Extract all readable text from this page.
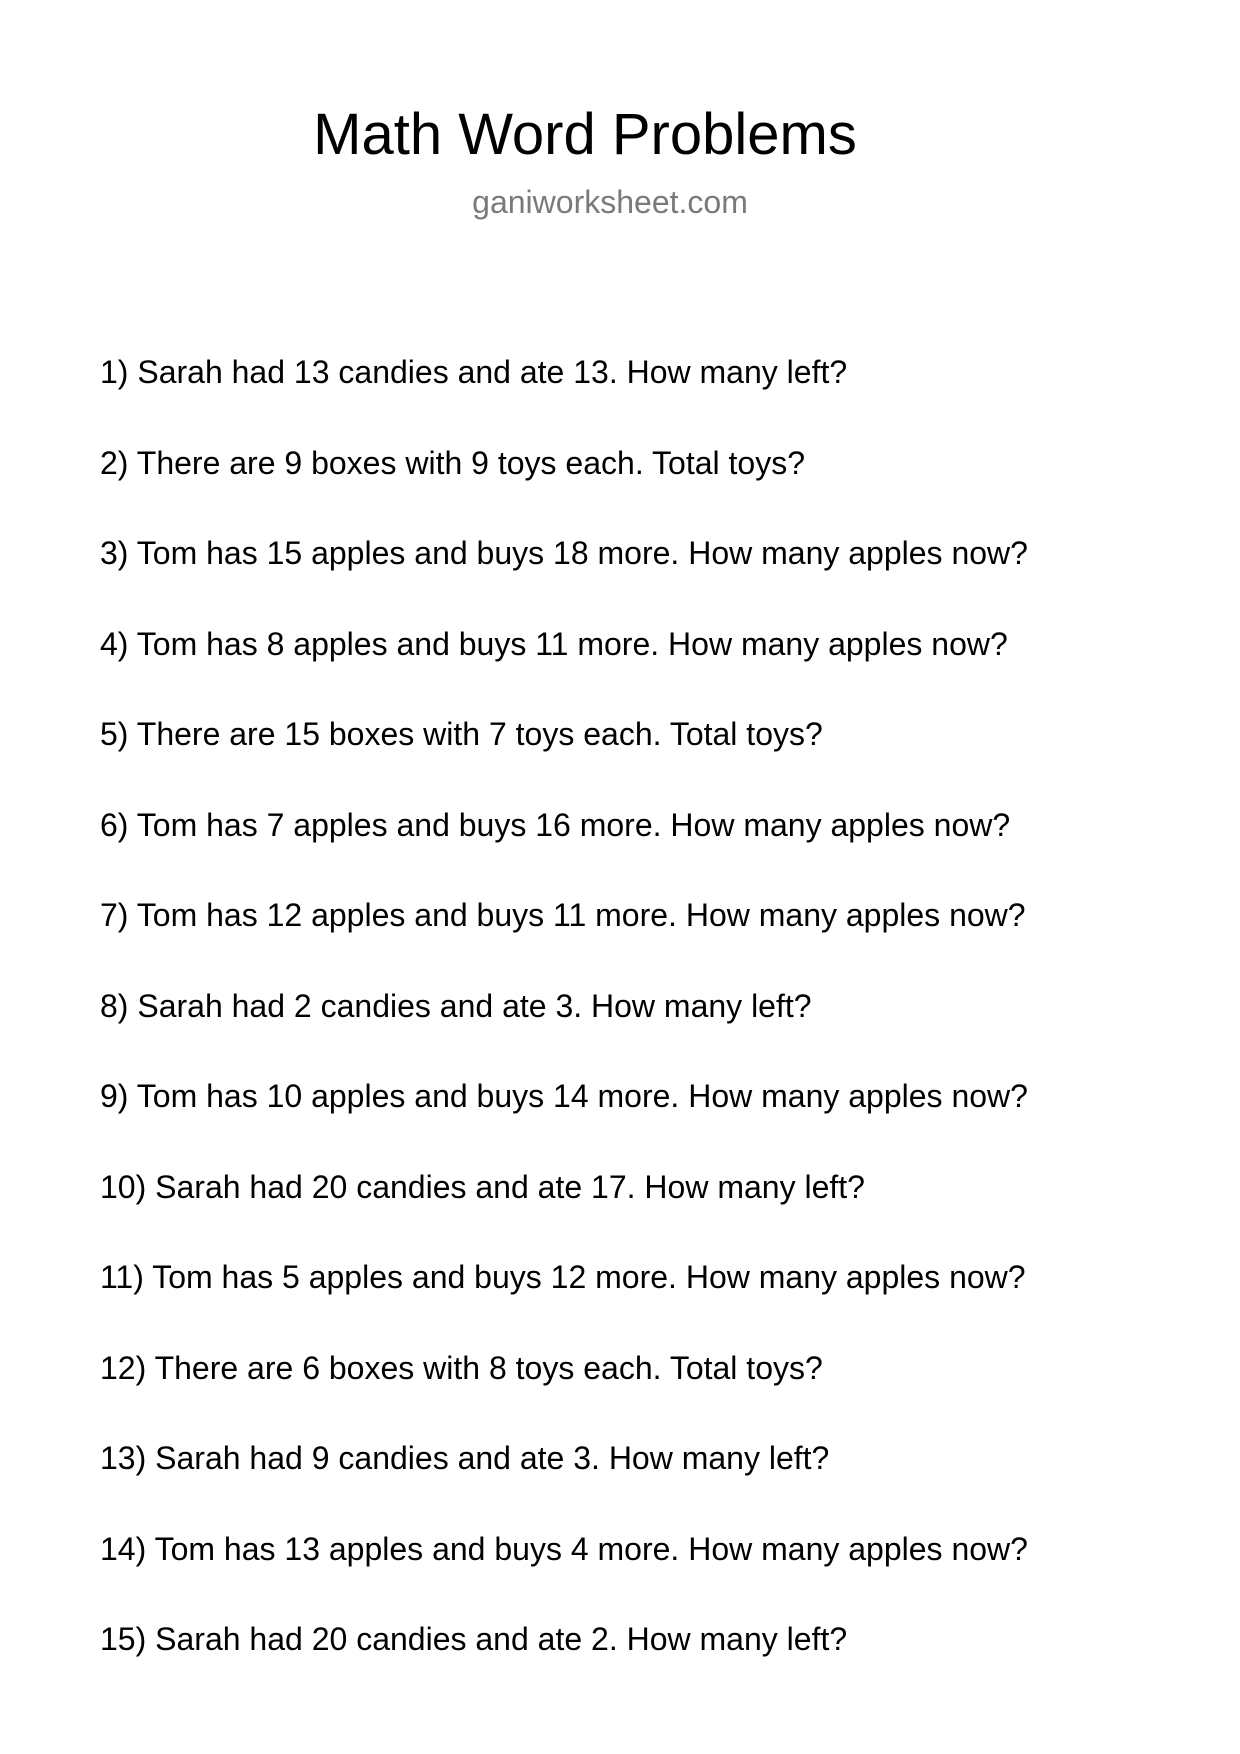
Math Word Problems
ganiworksheet.com
1) Sarah had 13 candies and ate 13. How many left?
2) There are 9 boxes with 9 toys each. Total toys?
3) Tom has 15 apples and buys 18 more. How many apples now?
4) Tom has 8 apples and buys 11 more. How many apples now?
5) There are 15 boxes with 7 toys each. Total toys?
6) Tom has 7 apples and buys 16 more. How many apples now?
7) Tom has 12 apples and buys 11 more. How many apples now?
8) Sarah had 2 candies and ate 3. How many left?
9) Tom has 10 apples and buys 14 more. How many apples now?
10) Sarah had 20 candies and ate 17. How many left?
11) Tom has 5 apples and buys 12 more. How many apples now?
12) There are 6 boxes with 8 toys each. Total toys?
13) Sarah had 9 candies and ate 3. How many left?
14) Tom has 13 apples and buys 4 more. How many apples now?
15) Sarah had 20 candies and ate 2. How many left?
